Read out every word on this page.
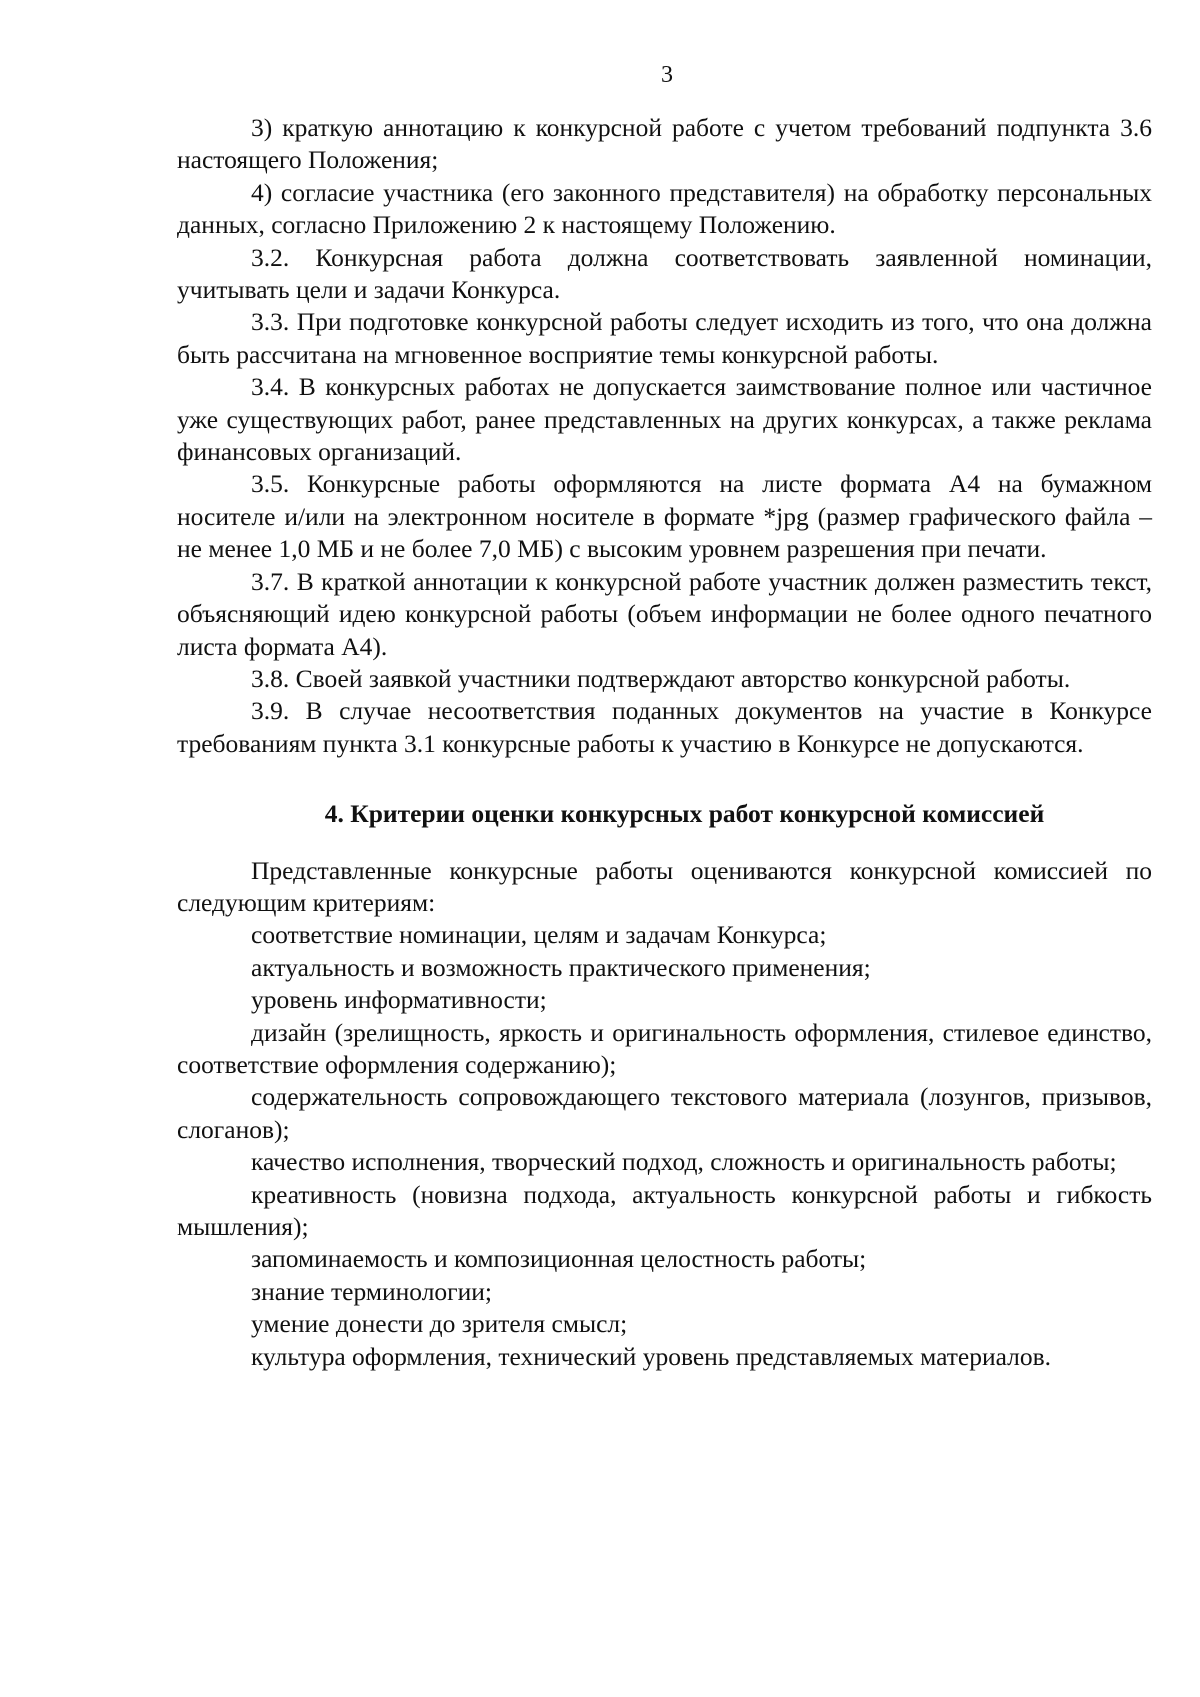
3

3) краткую аннотацию к конкурсной работе с учетом требований подпункта 3.6 настоящего Положения;

4) согласие участника (его законного представителя) на обработку персональных данных, согласно Приложению 2 к настоящему Положению.

3.2. Конкурсная работа должна соответствовать заявленной номинации, учитывать цели и задачи Конкурса.

3.3. При подготовке конкурсной работы следует исходить из того, что она должна быть рассчитана на мгновенное восприятие темы конкурсной работы.

3.4. В конкурсных работах не допускается заимствование полное или частичное уже существующих работ, ранее представленных на других конкурсах, а также реклама финансовых организаций.

3.5. Конкурсные работы оформляются на листе формата А4 на бумажном носителе и/или на электронном носителе в формате *jpg (размер графического файла – не менее 1,0 МБ и не более 7,0 МБ) с высоким уровнем разрешения при печати.

3.7. В краткой аннотации к конкурсной работе участник должен разместить текст, объясняющий идею конкурсной работы (объем информации не более одного печатного листа формата А4).

3.8. Своей заявкой участники подтверждают авторство конкурсной работы.

3.9. В случае несоответствия поданных документов на участие в Конкурсе требованиям пункта 3.1 конкурсные работы к участию в Конкурсе не допускаются.

4. Критерии оценки конкурсных работ конкурсной комиссией

Представленные конкурсные работы оцениваются конкурсной комиссией по следующим критериям:

соответствие номинации, целям и задачам Конкурса;

актуальность и возможность практического применения;

уровень информативности;

дизайн (зрелищность, яркость и оригинальность оформления, стилевое единство, соответствие оформления содержанию);

содержательность сопровождающего текстового материала (лозунгов, призывов, слоганов);

качество исполнения, творческий подход, сложность и оригинальность работы;

креативность (новизна подхода, актуальность конкурсной работы и гибкость мышления);

запоминаемость и композиционная целостность работы;

знание терминологии;

умение донести до зрителя смысл;

культура оформления, технический уровень представляемых материалов.
